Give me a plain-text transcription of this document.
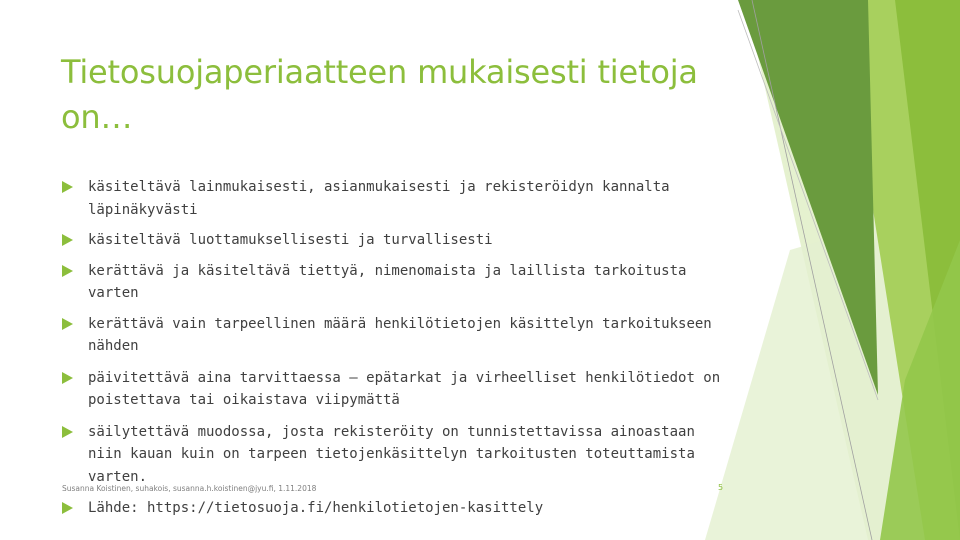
Tietosuojaperiaatteen mukaisesti tietoja on…
käsiteltävä lainmukaisesti, asianmukaisesti ja rekisteröidyn kannalta läpinäkyvästi
käsiteltävä luottamuksellisesti ja turvallisesti
kerättävä ja käsiteltävä tiettyä, nimenomaista ja laillista tarkoitusta varten
kerättävä vain tarpeellinen määrä henkilötietojen käsittelyn tarkoitukseen nähden
päivitettävä aina tarvittaessa – epätarkat ja virheelliset henkilötiedot on poistettava tai oikaistava viipymättä
säilytettävä muodossa, josta rekisteröity on tunnistettavissa ainoastaan niin kauan kuin on tarpeen tietojenkäsittelyn tarkoitusten toteuttamista varten.
Lähde: https://tietosuoja.fi/henkilotietojen-kasittely
Susanna Koistinen, suhakois, susanna.h.koistinen@jyu.fi, 1.11.2018	5
